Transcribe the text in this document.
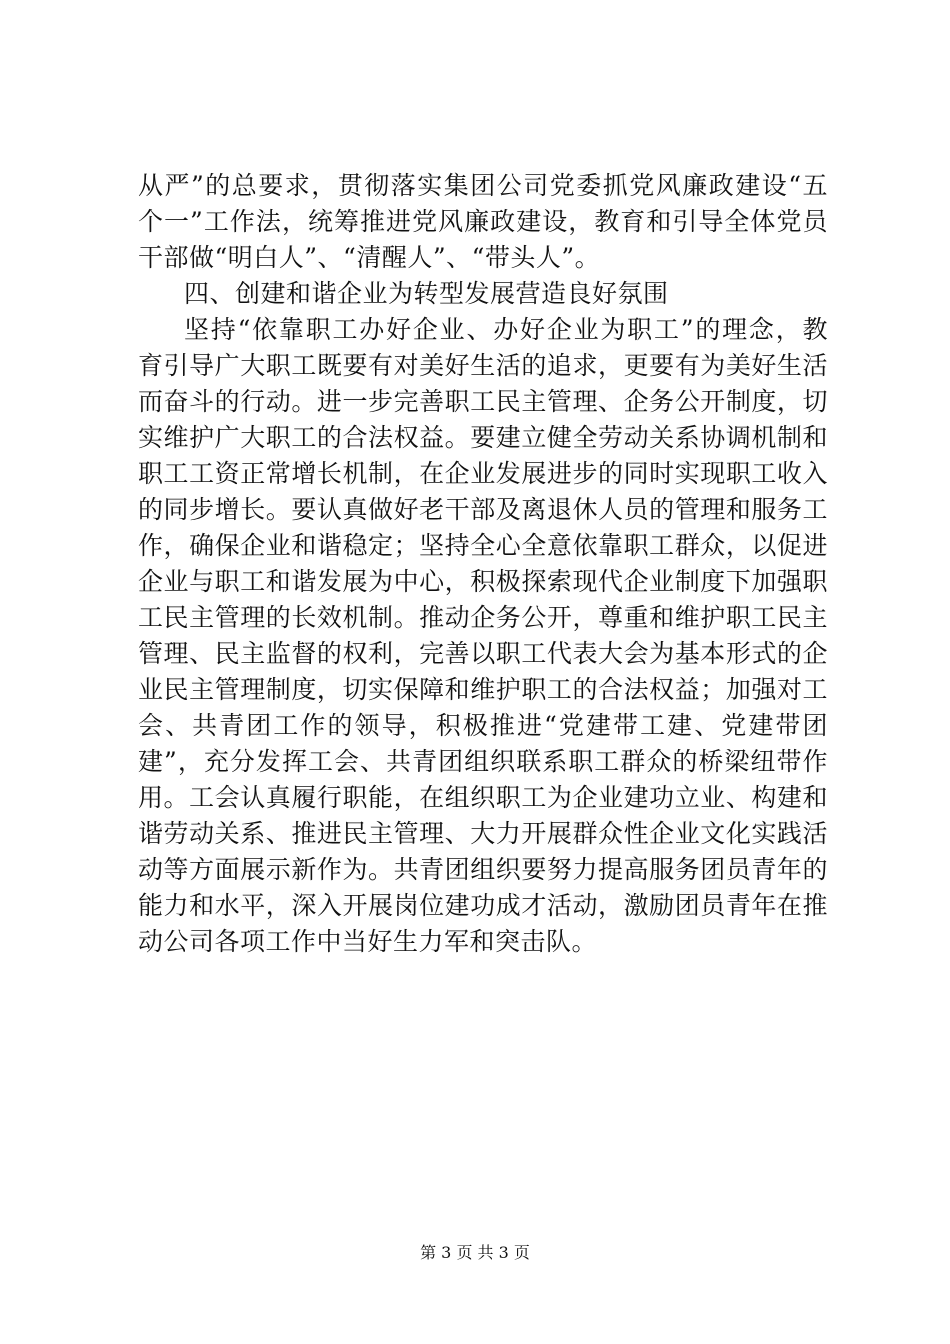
从严”的总要求，贯彻落实集团公司党委抓党风廉政建设“五
个一”工作法，统筹推进党风廉政建设，教育和引导全体党员
干部做“明白人”、“清醒人”、“带头人”。
四、创建和谐企业为转型发展营造良好氛围
坚持“依靠职工办好企业、办好企业为职工”的理念，教
育引导广大职工既要有对美好生活的追求，更要有为美好生活
而奋斗的行动。进一步完善职工民主管理、企务公开制度，切
实维护广大职工的合法权益。要建立健全劳动关系协调机制和
职工工资正常增长机制，在企业发展进步的同时实现职工收入
的同步增长。要认真做好老干部及离退休人员的管理和服务工
作，确保企业和谐稳定；坚持全心全意依靠职工群众，以促进
企业与职工和谐发展为中心，积极探索现代企业制度下加强职
工民主管理的长效机制。推动企务公开，尊重和维护职工民主
管理、民主监督的权利，完善以职工代表大会为基本形式的企
业民主管理制度，切实保障和维护职工的合法权益；加强对工
会、共青团工作的领导，积极推进“党建带工建、党建带团
建”，充分发挥工会、共青团组织联系职工群众的桥梁纽带作
用。工会认真履行职能，在组织职工为企业建功立业、构建和
谐劳动关系、推进民主管理、大力开展群众性企业文化实践活
动等方面展示新作为。共青团组织要努力提高服务团员青年的
能力和水平，深入开展岗位建功成才活动，激励团员青年在推
动公司各项工作中当好生力军和突击队。
第 3 页 共 3 页
